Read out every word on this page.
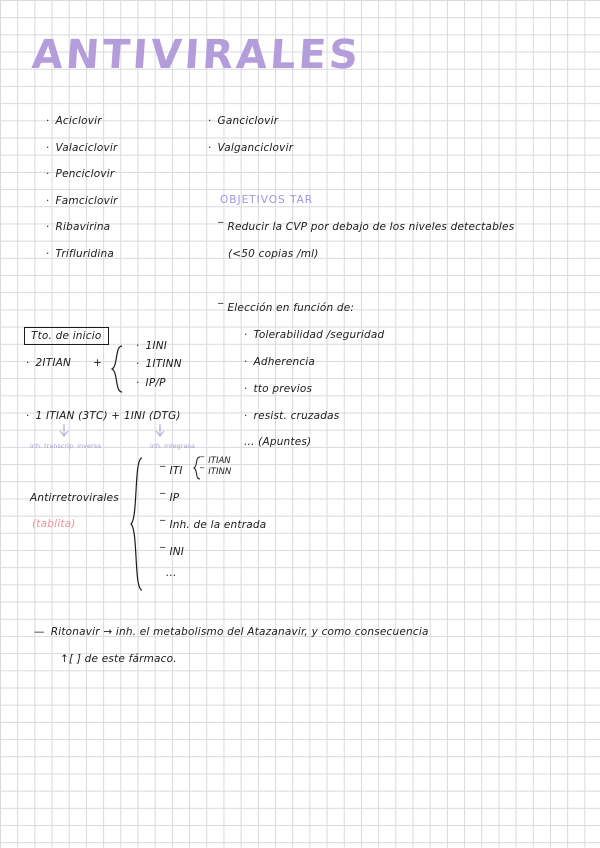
ANTIVIRALES
· Aciclovir
· Valaciclovir
· Penciclovir
· Famciclovir
· Ribavirina
· Trifluridina
· Ganciclovir
· Valganciclovir
OBJETIVOS TAR
‾ Reducir la CVP por debajo de los niveles detectables
(<50 copias /ml)
‾ Elección en función de:
· Tolerabilidad /seguridad
· Adherencia
· tto previos
· resist. cruzadas
... (Apuntes)
Tto. de inicio
· 2ITIAN +
· 1INI
· 1ITINN
· IP/P
· 1 ITIAN (3TC) + 1INI (DTG)
inh. transcrip. inversa	inh. integrasa
Antirretrovirales
(tablita)
‾ ITI
‾ ITIAN
‾ ITINN
‾ IP
‾ Inh. de la entrada
‾ INI
...
— Ritonavir → inh. el metabolismo del Atazanavir, y como consecuencia
↑[ ] de este fármaco.
